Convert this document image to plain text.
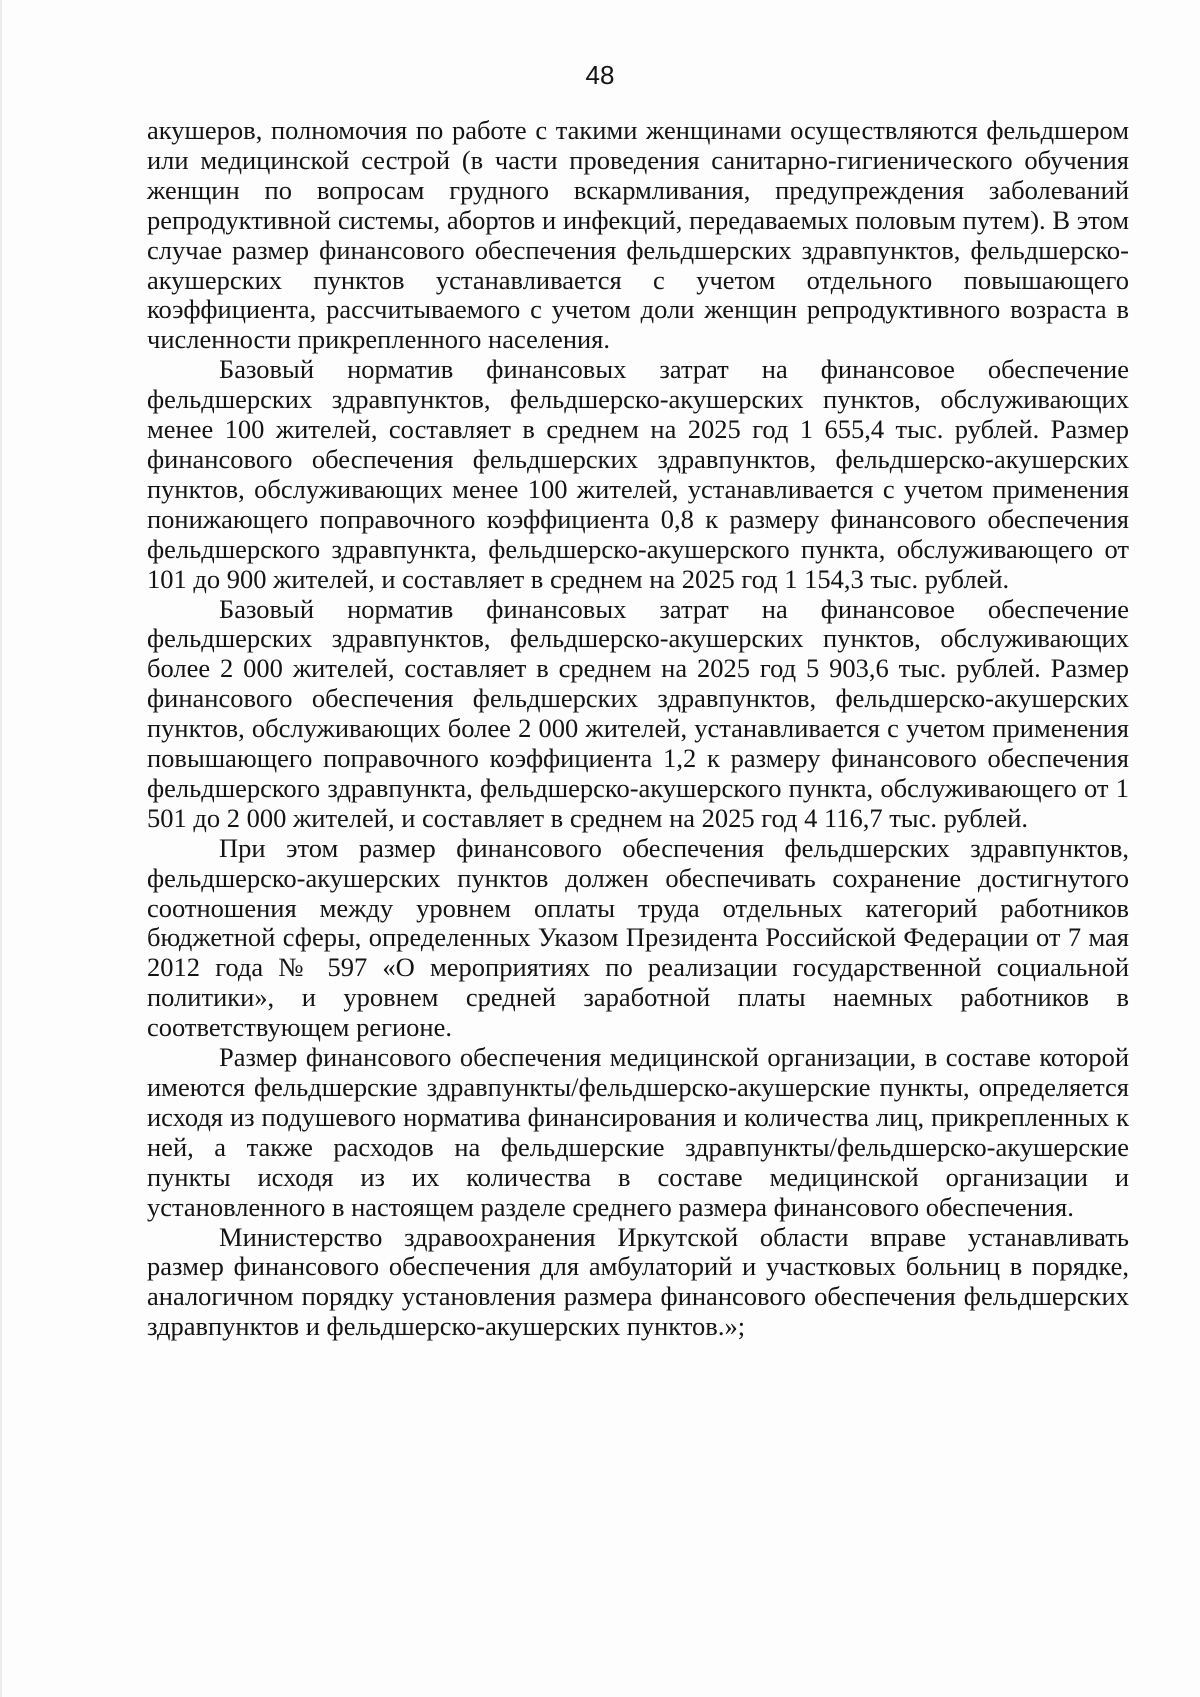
48

акушеров, полномочия по работе с такими женщинами осуществляются фельдшером или медицинской сестрой (в части проведения санитарно-гигиенического обучения женщин по вопросам грудного вскармливания, предупреждения заболеваний репродуктивной системы, абортов и инфекций, передаваемых половым путем). В этом случае размер финансового обеспечения фельдшерских здравпунктов, фельдшерско-акушерских пунктов устанавливается с учетом отдельного повышающего коэффициента, рассчитываемого с учетом доли женщин репродуктивного возраста в численности прикрепленного населения.

Базовый норматив финансовых затрат на финансовое обеспечение фельдшерских здравпунктов, фельдшерско-акушерских пунктов, обслуживающих менее 100 жителей, составляет в среднем на 2025 год 1 655,4 тыс. рублей. Размер финансового обеспечения фельдшерских здравпунктов, фельдшерско-акушерских пунктов, обслуживающих менее 100 жителей, устанавливается с учетом применения понижающего поправочного коэффициента 0,8 к размеру финансового обеспечения фельдшерского здравпункта, фельдшерско-акушерского пункта, обслуживающего от 101 до 900 жителей, и составляет в среднем на 2025 год 1 154,3 тыс. рублей.

Базовый норматив финансовых затрат на финансовое обеспечение фельдшерских здравпунктов, фельдшерско-акушерских пунктов, обслуживающих более 2 000 жителей, составляет в среднем на 2025 год 5 903,6 тыс. рублей. Размер финансового обеспечения фельдшерских здравпунктов, фельдшерско-акушерских пунктов, обслуживающих более 2 000 жителей, устанавливается с учетом применения повышающего поправочного коэффициента 1,2 к размеру финансового обеспечения фельдшерского здравпункта, фельдшерско-акушерского пункта, обслуживающего от 1 501 до 2 000 жителей, и составляет в среднем на 2025 год 4 116,7 тыс. рублей.

При этом размер финансового обеспечения фельдшерских здравпунктов, фельдшерско-акушерских пунктов должен обеспечивать сохранение достигнутого соотношения между уровнем оплаты труда отдельных категорий работников бюджетной сферы, определенных Указом Президента Российской Федерации от 7 мая 2012 года № 597 «О мероприятиях по реализации государственной социальной политики», и уровнем средней заработной платы наемных работников в соответствующем регионе.

Размер финансового обеспечения медицинской организации, в составе которой имеются фельдшерские здравпункты/фельдшерско-акушерские пункты, определяется исходя из подушевого норматива финансирования и количества лиц, прикрепленных к ней, а также расходов на фельдшерские здравпункты/фельдшерско-акушерские пункты исходя из их количества в составе медицинской организации и установленного в настоящем разделе среднего размера финансового обеспечения.

Министерство здравоохранения Иркутской области вправе устанавливать размер финансового обеспечения для амбулаторий и участковых больниц в порядке, аналогичном порядку установления размера финансового обеспечения фельдшерских здравпунктов и фельдшерско-акушерских пунктов.»;
